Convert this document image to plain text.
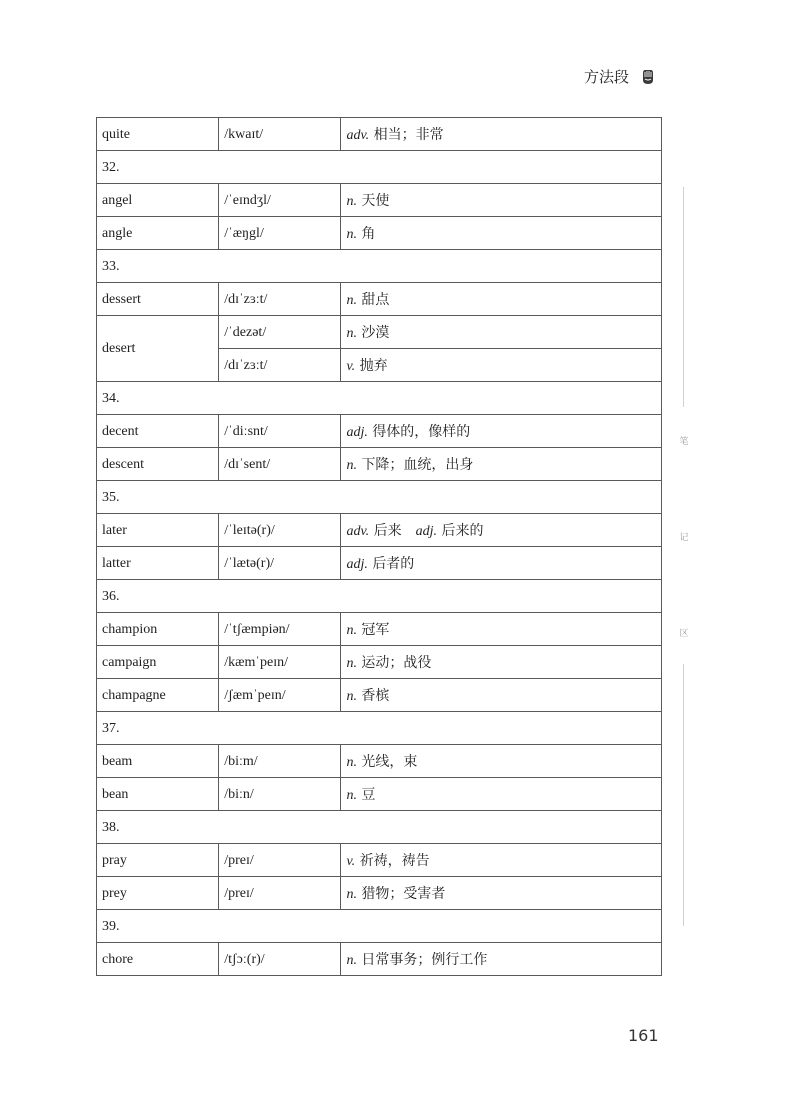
方法段
quite	/kwaɪt/	adv. 相当；非常
32.		
angel	/ˈeɪndʒl/	n. 天使
angle	/ˈæŋgl/	n. 角
33.		
dessert	/dɪˈzɜːt/	n. 甜点
desert	/ˈdezət/	n. 沙漠
	/dɪˈzɜːt/	v. 抛弃
34.		
decent	/ˈdiːsnt/	adj. 得体的，像样的
descent	/dɪˈsent/	n. 下降；血统，出身
35.		
later	/ˈleɪtə(r)/	adv. 后来 adj. 后来的
latter	/ˈlætə(r)/	adj. 后者的
36.		
champion	/ˈtʃæmpiən/	n. 冠军
campaign	/kæmˈpeɪn/	n. 运动；战役
champagne	/ʃæmˈpeɪn/	n. 香槟
37.		
beam	/biːm/	n. 光线，束
bean	/biːn/	n. 豆
38.		
pray	/preɪ/	v. 祈祷，祷告
prey	/preɪ/	n. 猎物；受害者
39.		
chore	/tʃɔː(r)/	n. 日常事务；例行工作
笔
记
区
161
